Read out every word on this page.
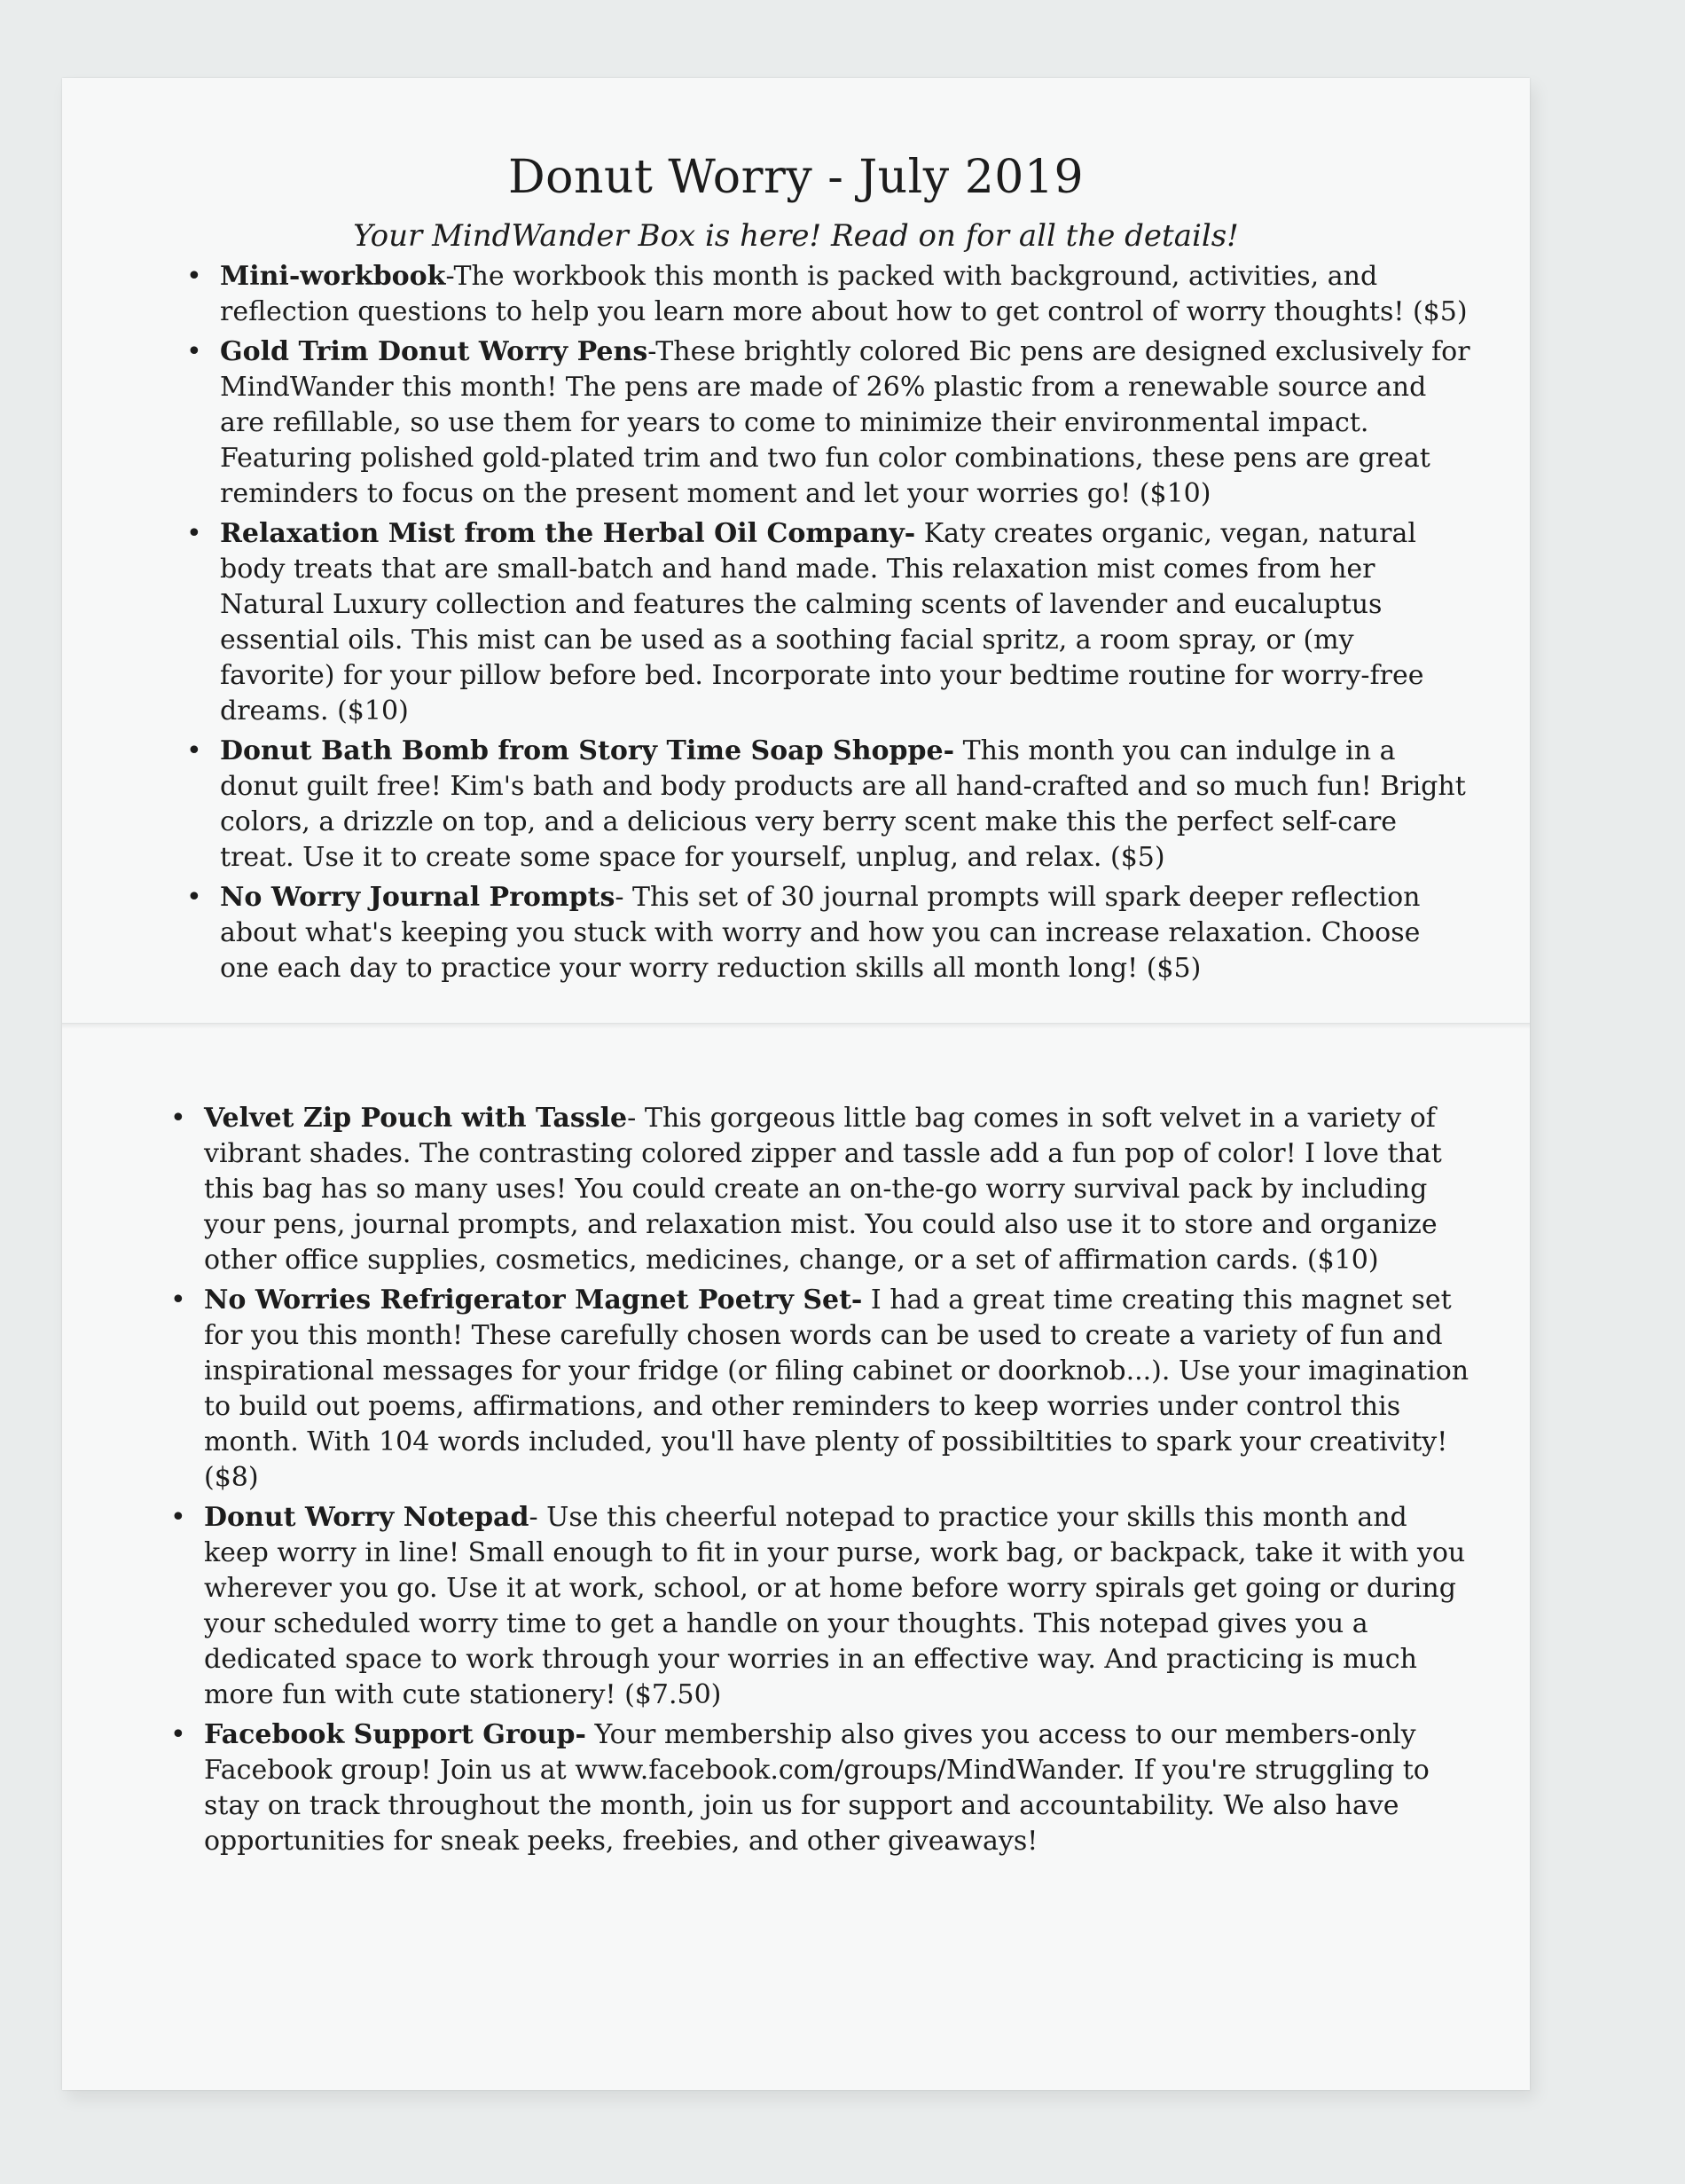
Donut Worry - July 2019

Your MindWander Box is here! Read on for all the details!

• Mini-workbook-The workbook this month is packed with background, activities, and reflection questions to help you learn more about how to get control of worry thoughts! ($5)
• Gold Trim Donut Worry Pens-These brightly colored Bic pens are designed exclusively for MindWander this month! The pens are made of 26% plastic from a renewable source and are refillable, so use them for years to come to minimize their environmental impact. Featuring polished gold-plated trim and two fun color combinations, these pens are great reminders to focus on the present moment and let your worries go! ($10)
• Relaxation Mist from the Herbal Oil Company- Katy creates organic, vegan, natural body treats that are small-batch and hand made. This relaxation mist comes from her Natural Luxury collection and features the calming scents of lavender and eucaluptus essential oils. This mist can be used as a soothing facial spritz, a room spray, or (my favorite) for your pillow before bed. Incorporate into your bedtime routine for worry-free dreams. ($10)
• Donut Bath Bomb from Story Time Soap Shoppe- This month you can indulge in a donut guilt free! Kim's bath and body products are all hand-crafted and so much fun! Bright colors, a drizzle on top, and a delicious very berry scent make this the perfect self-care treat. Use it to create some space for yourself, unplug, and relax. ($5)
• No Worry Journal Prompts- This set of 30 journal prompts will spark deeper reflection about what's keeping you stuck with worry and how you can increase relaxation. Choose one each day to practice your worry reduction skills all month long! ($5)
• Velvet Zip Pouch with Tassle- This gorgeous little bag comes in soft velvet in a variety of vibrant shades. The contrasting colored zipper and tassle add a fun pop of color! I love that this bag has so many uses! You could create an on-the-go worry survival pack by including your pens, journal prompts, and relaxation mist. You could also use it to store and organize other office supplies, cosmetics, medicines, change, or a set of affirmation cards. ($10)
• No Worries Refrigerator Magnet Poetry Set- I had a great time creating this magnet set for you this month! These carefully chosen words can be used to create a variety of fun and inspirational messages for your fridge (or filing cabinet or doorknob...). Use your imagination to build out poems, affirmations, and other reminders to keep worries under control this month. With 104 words included, you'll have plenty of possibiltities to spark your creativity! ($8)
• Donut Worry Notepad- Use this cheerful notepad to practice your skills this month and keep worry in line! Small enough to fit in your purse, work bag, or backpack, take it with you wherever you go. Use it at work, school, or at home before worry spirals get going or during your scheduled worry time to get a handle on your thoughts. This notepad gives you a dedicated space to work through your worries in an effective way. And practicing is much more fun with cute stationery! ($7.50)
• Facebook Support Group- Your membership also gives you access to our members-only Facebook group! Join us at www.facebook.com/groups/MindWander. If you're struggling to stay on track throughout the month, join us for support and accountability. We also have opportunities for sneak peeks, freebies, and other giveaways!
